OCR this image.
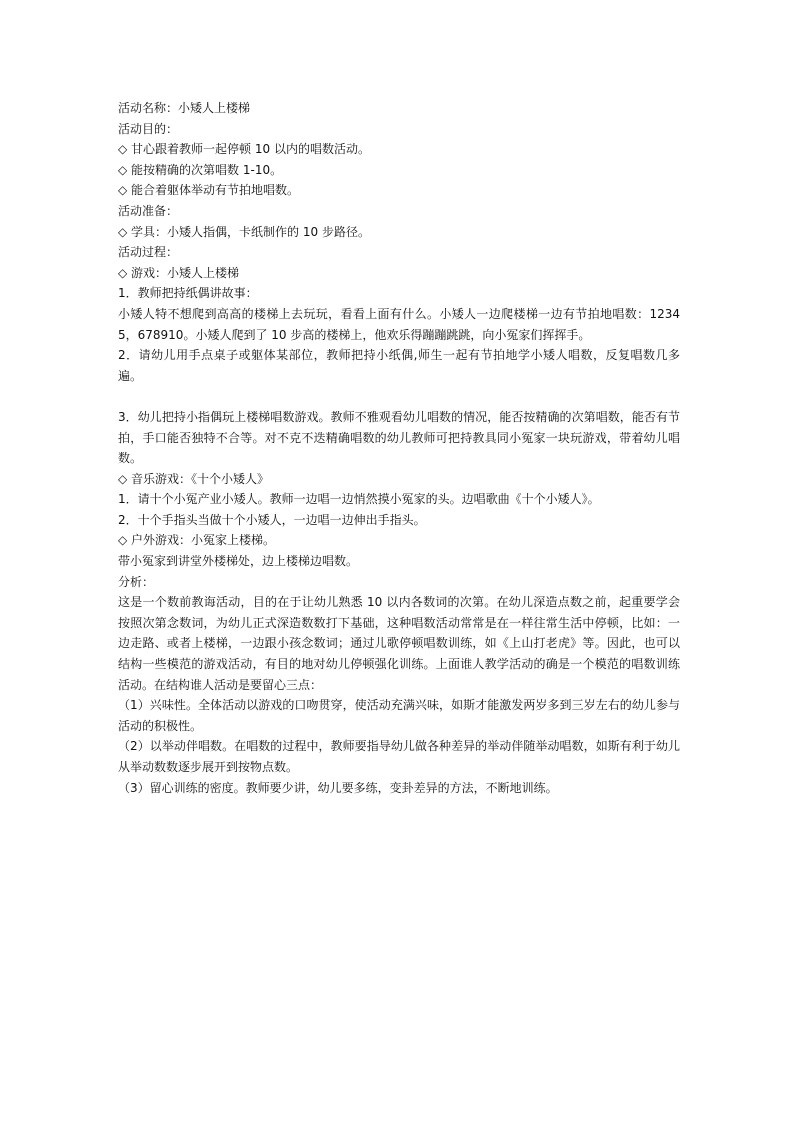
活动名称：小矮人上楼梯
活动目的：
◇ 甘心跟着教师一起停顿 10 以内的唱数活动。
◇ 能按精确的次第唱数 1-10。
◇ 能合着躯体举动有节拍地唱数。
活动准备：
◇ 学具：小矮人指偶，卡纸制作的 10 步路径。
活动过程：
◇ 游戏：小矮人上楼梯
1．教师把持纸偶讲故事：
小矮人特不想爬到高高的楼梯上去玩玩，看看上面有什么。小矮人一边爬楼梯一边有节拍地唱数：12345，678910。小矮人爬到了 10 步高的楼梯上，他欢乐得蹦蹦跳跳，向小冤家们挥挥手。
2．请幼儿用手点桌子或躯体某部位，教师把持小纸偶,师生一起有节拍地学小矮人唱数，反复唱数几多遍。
3．幼儿把持小指偶玩上楼梯唱数游戏。教师不雅观看幼儿唱数的情况，能否按精确的次第唱数，能否有节拍，手口能否独特不合等。对不克不迭精确唱数的幼儿教师可把持教具同小冤家一块玩游戏，带着幼儿唱数。
◇ 音乐游戏：《十个小矮人》
1．请十个小冤产业小矮人。教师一边唱一边悄然摸小冤家的头。边唱歌曲《十个小矮人》。
2．十个手指头当做十个小矮人，一边唱一边伸出手指头。
◇ 户外游戏：小冤家上楼梯。
带小冤家到讲堂外楼梯处，边上楼梯边唱数。
分析：
这是一个数前教诲活动，目的在于让幼儿熟悉 10 以内各数词的次第。在幼儿深造点数之前，起重要学会按照次第念数词，为幼儿正式深造数数打下基础，这种唱数活动常常是在一样往常生活中停顿，比如：一边走路、或者上楼梯，一边跟小孩念数词；通过儿歌停顿唱数训练，如《上山打老虎》等。因此，也可以结构一些模范的游戏活动，有目的地对幼儿停顿强化训练。上面谁人教学活动的确是一个模范的唱数训练活动。在结构谁人活动是要留心三点：
（1）兴味性。全体活动以游戏的口吻贯穿，使活动充满兴味，如斯才能激发两岁多到三岁左右的幼儿参与活动的积极性。
（2）以举动伴唱数。在唱数的过程中，教师要指导幼儿做各种差异的举动伴随举动唱数，如斯有利于幼儿从举动数数逐步展开到按物点数。
（3）留心训练的密度。教师要少讲，幼儿要多练，变卦差异的方法，不断地训练。
